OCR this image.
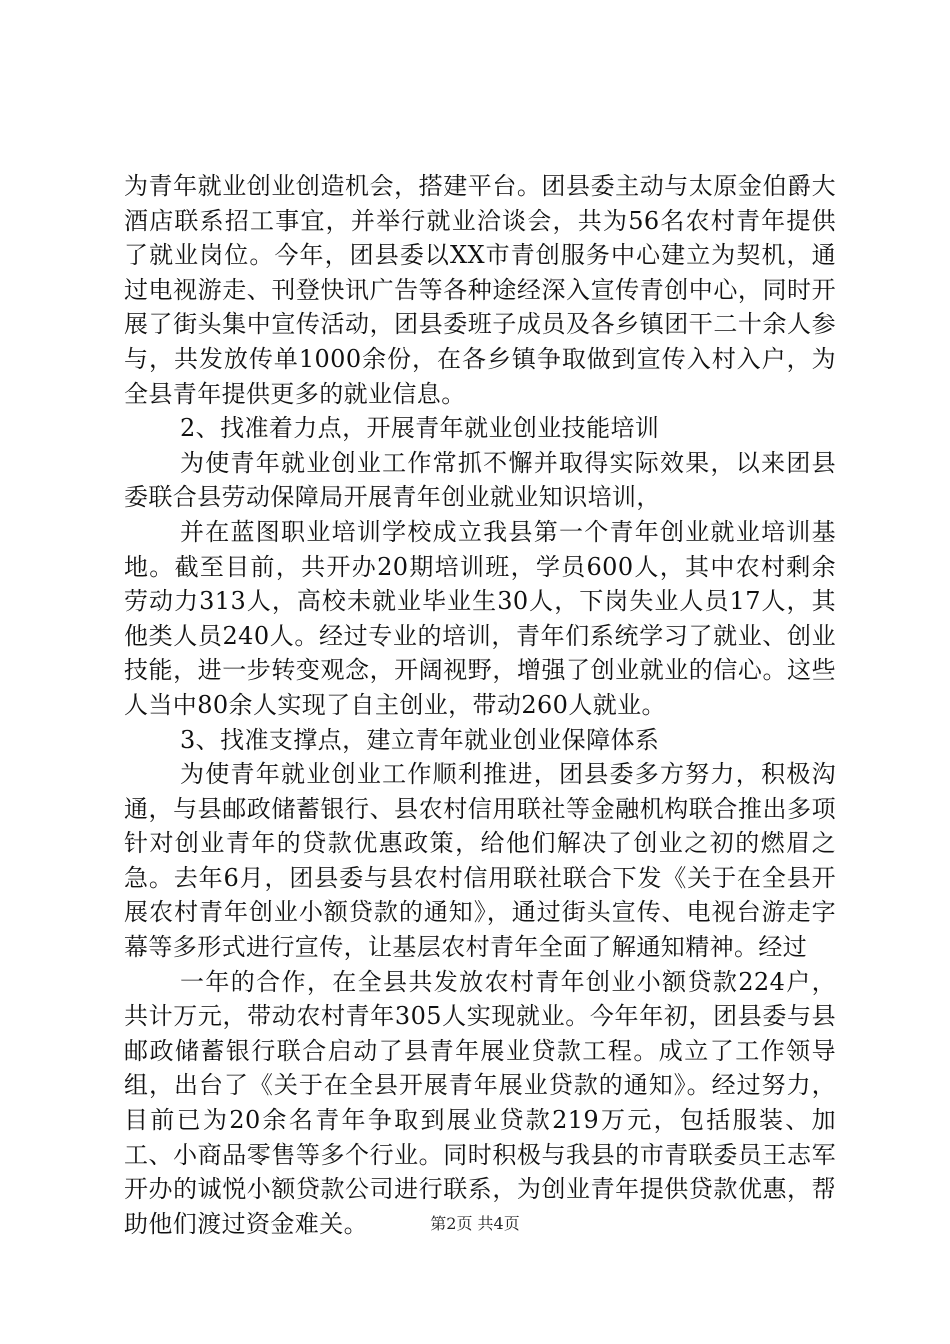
为青年就业创业创造机会，搭建平台。团县委主动与太原金伯爵大酒店联系招工事宜，并举行就业洽谈会，共为56名农村青年提供了就业岗位。今年，团县委以XX市青创服务中心建立为契机，通过电视游走、刊登快讯广告等各种途经深入宣传青创中心，同时开展了街头集中宣传活动，团县委班子成员及各乡镇团干二十余人参与，共发放传单1000余份，在各乡镇争取做到宣传入村入户，为全县青年提供更多的就业信息。

2、找准着力点，开展青年就业创业技能培训

为使青年就业创业工作常抓不懈并取得实际效果，以来团县委联合县劳动保障局开展青年创业就业知识培训，

并在蓝图职业培训学校成立我县第一个青年创业就业培训基地。截至目前，共开办20期培训班，学员600人，其中农村剩余劳动力313人，高校未就业毕业生30人，下岗失业人员17人，其他类人员240人。经过专业的培训，青年们系统学习了就业、创业技能，进一步转变观念，开阔视野，增强了创业就业的信心。这些人当中80余人实现了自主创业，带动260人就业。

3、找准支撑点，建立青年就业创业保障体系

为使青年就业创业工作顺利推进，团县委多方努力，积极沟通，与县邮政储蓄银行、县农村信用联社等金融机构联合推出多项针对创业青年的贷款优惠政策，给他们解决了创业之初的燃眉之急。去年6月，团县委与县农村信用联社联合下发《关于在全县开展农村青年创业小额贷款的通知》，通过街头宣传、电视台游走字幕等多形式进行宣传，让基层农村青年全面了解通知精神。经过

一年的合作，在全县共发放农村青年创业小额贷款224户，共计万元，带动农村青年305人实现就业。今年年初，团县委与县邮政储蓄银行联合启动了县青年展业贷款工程。成立了工作领导组，出台了《关于在全县开展青年展业贷款的通知》。经过努力，目前已为20余名青年争取到展业贷款219万元，包括服装、加工、小商品零售等多个行业。同时积极与我县的市青联委员王志军开办的诚悦小额贷款公司进行联系，为创业青年提供贷款优惠，帮助他们渡过资金难关。	第2页 共4页
